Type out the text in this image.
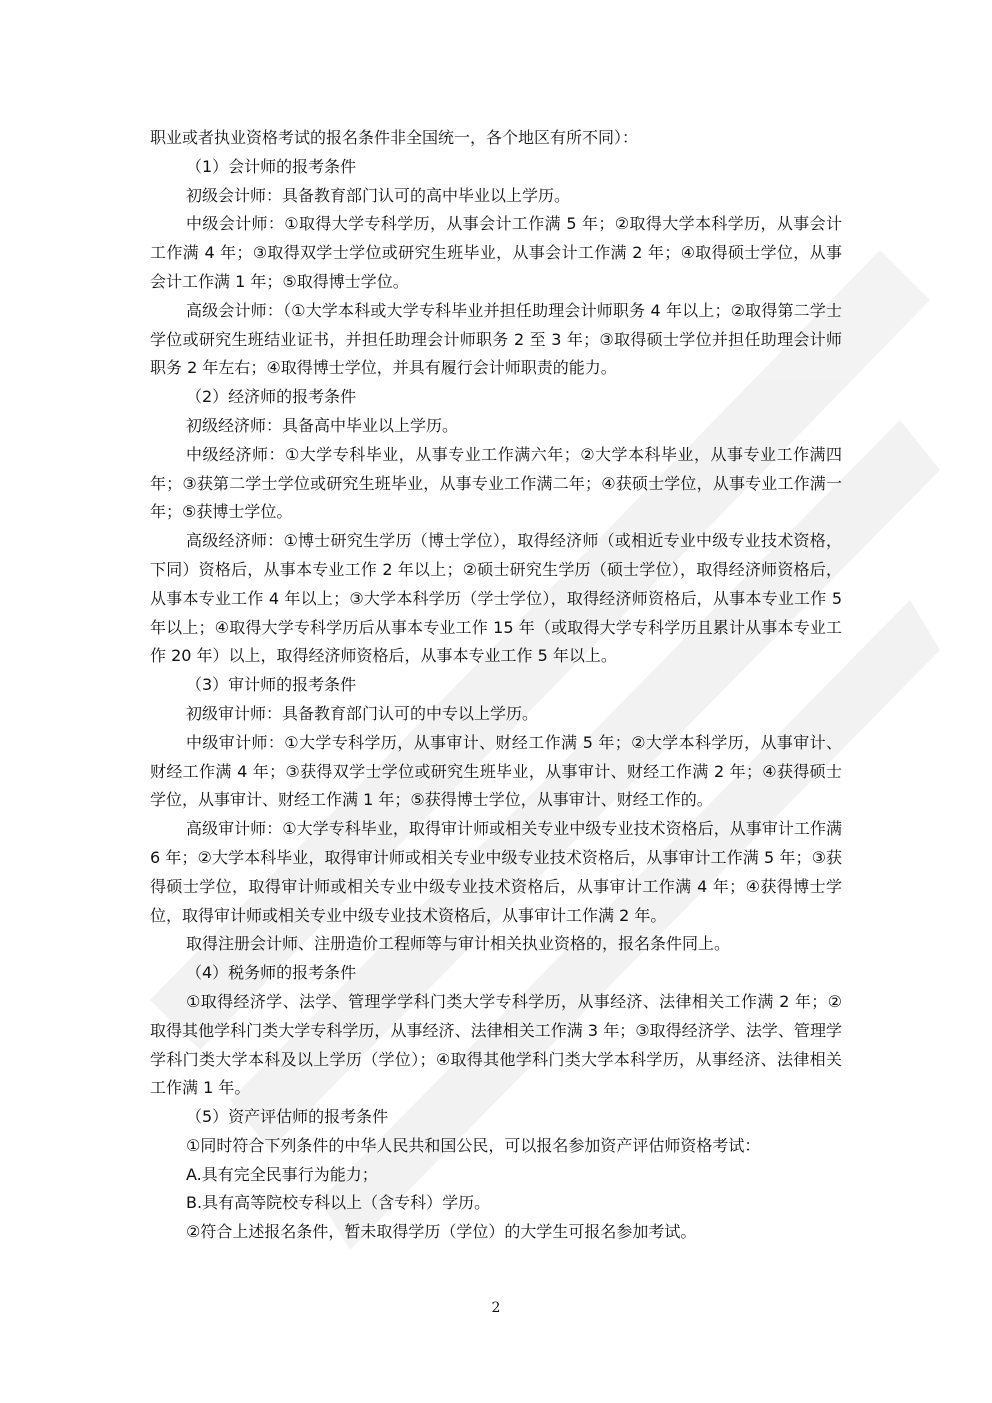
职业或者执业资格考试的报名条件非全国统一，各个地区有所不同）：

（1）会计师的报考条件

初级会计师：具备教育部门认可的高中毕业以上学历。

中级会计师：①取得大学专科学历，从事会计工作满 5 年；②取得大学本科学历，从事会计工作满 4 年；③取得双学士学位或研究生班毕业，从事会计工作满 2 年；④取得硕士学位，从事会计工作满 1 年；⑤取得博士学位。

高级会计师：（①大学本科或大学专科毕业并担任助理会计师职务 4 年以上；②取得第二学士学位或研究生班结业证书，并担任助理会计师职务 2 至 3 年；③取得硕士学位并担任助理会计师职务 2 年左右；④取得博士学位，并具有履行会计师职责的能力。

（2）经济师的报考条件

初级经济师：具备高中毕业以上学历。

中级经济师：①大学专科毕业，从事专业工作满六年；②大学本科毕业，从事专业工作满四年；③获第二学士学位或研究生班毕业，从事专业工作满二年；④获硕士学位，从事专业工作满一年；⑤获博士学位。

高级经济师：①博士研究生学历（博士学位），取得经济师（或相近专业中级专业技术资格，下同）资格后，从事本专业工作 2 年以上；②硕士研究生学历（硕士学位），取得经济师资格后，从事本专业工作 4 年以上；③大学本科学历（学士学位），取得经济师资格后，从事本专业工作 5 年以上；④取得大学专科学历后从事本专业工作 15 年（或取得大学专科学历且累计从事本专业工作 20 年）以上，取得经济师资格后，从事本专业工作 5 年以上。

（3）审计师的报考条件

初级审计师：具备教育部门认可的中专以上学历。

中级审计师：①大学专科学历，从事审计、财经工作满 5 年；②大学本科学历，从事审计、财经工作满 4 年；③获得双学士学位或研究生班毕业，从事审计、财经工作满 2 年；④获得硕士学位，从事审计、财经工作满 1 年；⑤获得博士学位，从事审计、财经工作的。

高级审计师：①大学专科毕业，取得审计师或相关专业中级专业技术资格后，从事审计工作满 6 年；②大学本科毕业，取得审计师或相关专业中级专业技术资格后，从事审计工作满 5 年；③获得硕士学位，取得审计师或相关专业中级专业技术资格后，从事审计工作满 4 年；④获得博士学位，取得审计师或相关专业中级专业技术资格后，从事审计工作满 2 年。

取得注册会计师、注册造价工程师等与审计相关执业资格的，报名条件同上。

（4）税务师的报考条件

①取得经济学、法学、管理学学科门类大学专科学历，从事经济、法律相关工作满 2 年；②取得其他学科门类大学专科学历，从事经济、法律相关工作满 3 年；③取得经济学、法学、管理学学科门类大学本科及以上学历（学位）；④取得其他学科门类大学本科学历，从事经济、法律相关工作满 1 年。

（5）资产评估师的报考条件

①同时符合下列条件的中华人民共和国公民，可以报名参加资产评估师资格考试：

A.具有完全民事行为能力；

B.具有高等院校专科以上（含专科）学历。

②符合上述报名条件，暂未取得学历（学位）的大学生可报名参加考试。

2
